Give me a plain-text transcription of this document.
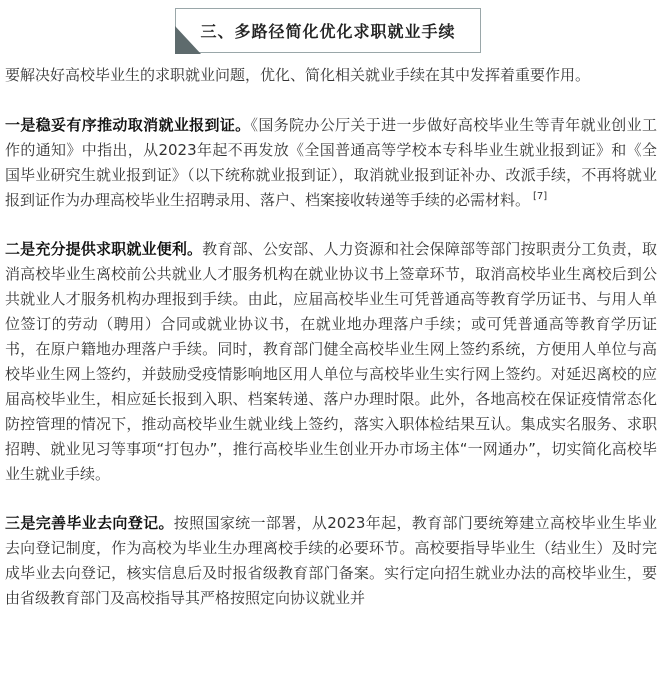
三、多路径简化优化求职就业手续

要解决好高校毕业生的求职就业问题，优化、简化相关就业手续在其中发挥着重要作用。

一是稳妥有序推动取消就业报到证。《国务院办公厅关于进一步做好高校毕业生等青年就业创业工作的通知》中指出，从2023年起不再发放《全国普通高等学校本专科毕业生就业报到证》和《全国毕业研究生就业报到证》（以下统称就业报到证），取消就业报到证补办、改派手续，不再将就业报到证作为办理高校毕业生招聘录用、落户、档案接收转递等手续的必需材料。 [7]

二是充分提供求职就业便利。教育部、公安部、人力资源和社会保障部等部门按职责分工负责，取消高校毕业生离校前公共就业人才服务机构在就业协议书上签章环节，取消高校毕业生离校后到公共就业人才服务机构办理报到手续。由此，应届高校毕业生可凭普通高等教育学历证书、与用人单位签订的劳动（聘用）合同或就业协议书，在就业地办理落户手续；或可凭普通高等教育学历证书，在原户籍地办理落户手续。同时，教育部门健全高校毕业生网上签约系统，方便用人单位与高校毕业生网上签约，并鼓励受疫情影响地区用人单位与高校毕业生实行网上签约。对延迟离校的应届高校毕业生，相应延长报到入职、档案转递、落户办理时限。此外，各地高校在保证疫情常态化防控管理的情况下，推动高校毕业生就业线上签约，落实入职体检结果互认。集成实名服务、求职招聘、就业见习等事项“打包办”，推行高校毕业生创业开办市场主体“一网通办”，切实简化高校毕业生就业手续。

三是完善毕业去向登记。按照国家统一部署，从2023年起，教育部门要统筹建立高校毕业生毕业去向登记制度，作为高校为毕业生办理离校手续的必要环节。高校要指导毕业生（结业生）及时完成毕业去向登记，核实信息后及时报省级教育部门备案。实行定向招生就业办法的高校毕业生，要由省级教育部门及高校指导其严格按照定向协议就业并
